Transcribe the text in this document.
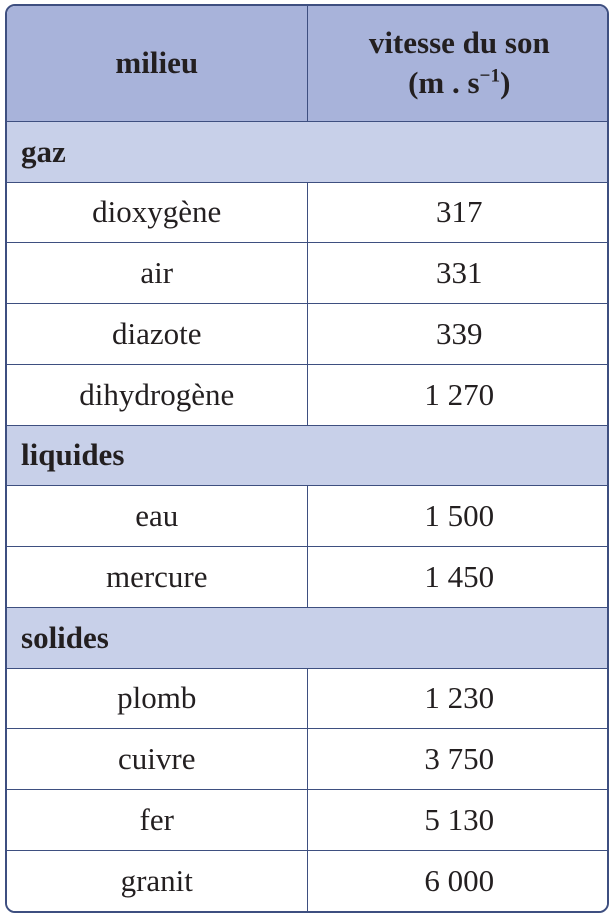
milieu	vitesse du son
(m . $s^{-1}$)
gaz	
dioxygène	317
air	331
diazote	339
dihydrogène	1 270
liquides	
eau	1 500
mercure	1 450
solides	
plomb	1 230
cuivre	3 750
fer	5 130
granit	6 000
